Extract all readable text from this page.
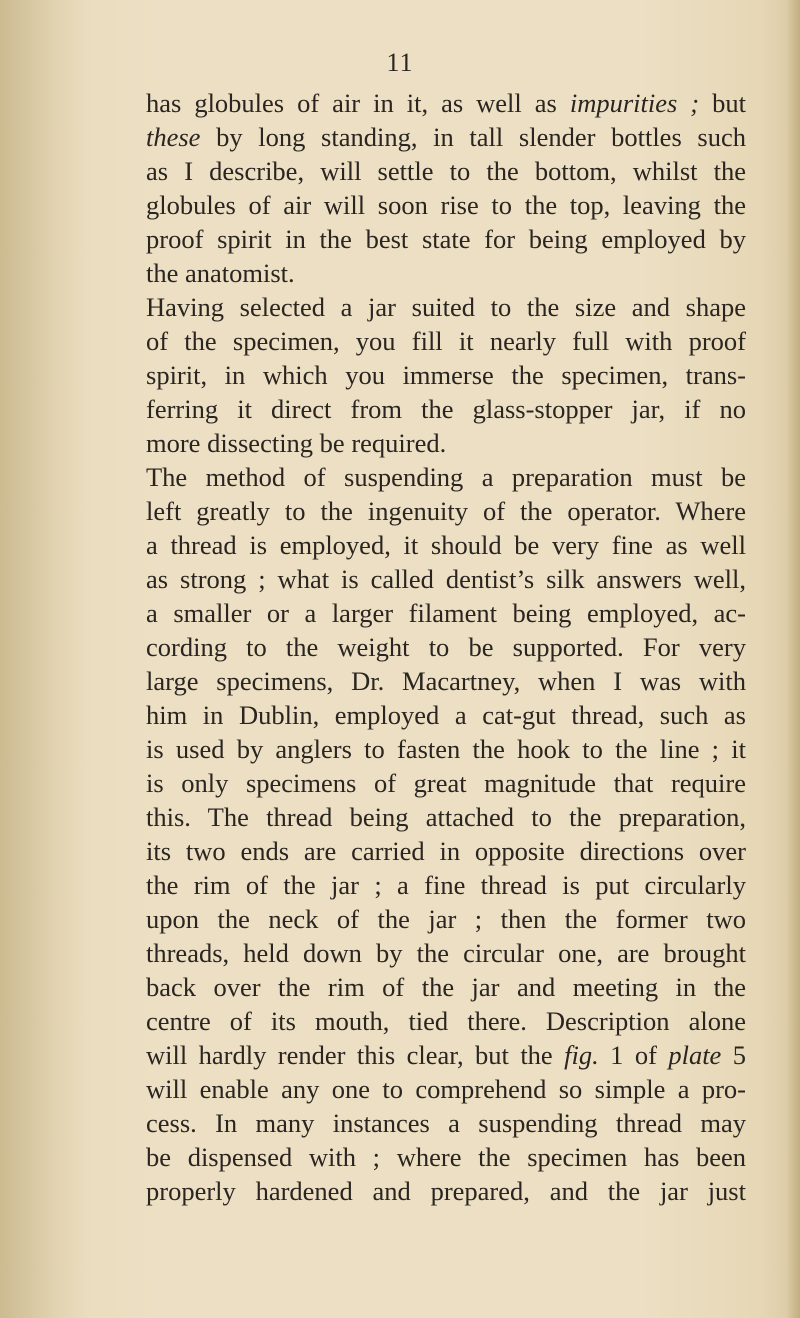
11
has globules of air in it, as well as impurities ; but
these by long standing, in tall slender bottles such
as I describe, will settle to the bottom, whilst the
globules of air will soon rise to the top, leaving the
proof spirit in the best state for being employed by
the anatomist.
Having selected a jar suited to the size and shape
of the specimen, you fill it nearly full with proof
spirit, in which you immerse the specimen, trans-
ferring it direct from the glass-stopper jar, if no
more dissecting be required.
The method of suspending a preparation must be
left greatly to the ingenuity of the operator. Where
a thread is employed, it should be very fine as well
as strong ; what is called dentist’s silk answers well,
a smaller or a larger filament being employed, ac-
cording to the weight to be supported. For very
large specimens, Dr. Macartney, when I was with
him in Dublin, employed a cat-gut thread, such as
is used by anglers to fasten the hook to the line ; it
is only specimens of great magnitude that require
this. The thread being attached to the preparation,
its two ends are carried in opposite directions over
the rim of the jar ; a fine thread is put circularly
upon the neck of the jar ; then the former two
threads, held down by the circular one, are brought
back over the rim of the jar and meeting in the
centre of its mouth, tied there. Description alone
will hardly render this clear, but the fig. 1 of plate 5
will enable any one to comprehend so simple a pro-
cess. In many instances a suspending thread may
be dispensed with ; where the specimen has been
properly hardened and prepared, and the jar just
